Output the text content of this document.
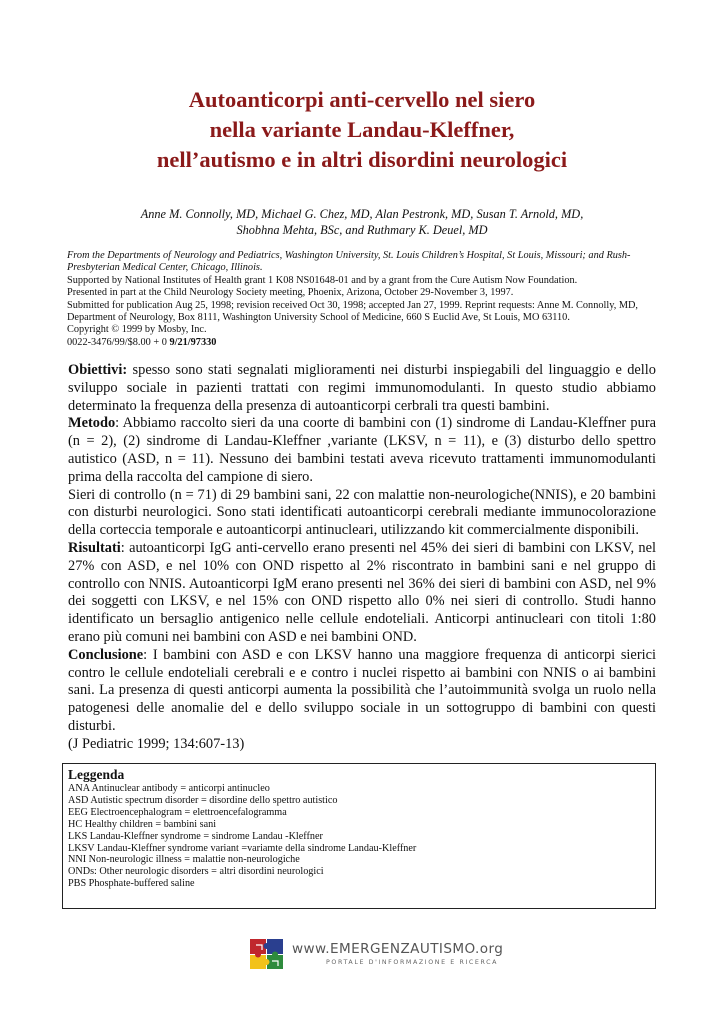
Autoanticorpi anti-cervello nel siero
nella variante Landau-Kleffner,
nell’autismo e in altri disordini neurologici
Anne M. Connolly, MD, Michael G. Chez, MD, Alan Pestronk, MD, Susan T. Arnold, MD,
Shobhna Mehta, BSc, and Ruthmary K. Deuel, MD
From the Departments of Neurology and Pediatrics, Washington University, St. Louis Children’s Hospital, St Louis, Missouri; and Rush-Presbyterian Medical Center, Chicago, Illinois.
Supported by National Institutes of Health grant 1 K08 NS01648-01 and by a grant from the Cure Autism Now Foundation.
Presented in part at the Child Neurology Society meeting, Phoenix, Arizona, October 29-November 3, 1997.
Submitted for publication Aug 25, 1998; revision received Oct 30, 1998; accepted Jan 27, 1999. Reprint requests: Anne M. Connolly, MD, Department of Neurology, Box 8111, Washington University School of Medicine, 660 S Euclid Ave, St Louis, MO 63110.
Copyright © 1999 by Mosby, Inc.
0022-3476/99/$8.00 + 0 9/21/97330

Obiettivi: spesso sono stati segnalati miglioramenti nei disturbi inspiegabili del linguaggio e dello sviluppo sociale in pazienti trattati con regimi immunomodulanti. In questo studio abbiamo determinato la frequenza della presenza di autoanticorpi cerbrali tra questi bambini.

Metodo: Abbiamo raccolto sieri da una coorte di bambini con (1) sindrome di Landau-Kleffner pura (n = 2), (2) sindrome di Landau-Kleffner ,variante (LKSV, n = 11), e (3) disturbo dello spettro autistico (ASD, n = 11). Nessuno dei bambini testati aveva ricevuto trattamenti immunomodulanti prima della raccolta del campione di siero.

Sieri di controllo (n = 71) di 29 bambini sani, 22 con malattie non-neurologiche(NNIS), e 20 bambini con disturbi neurologici. Sono stati identificati autoanticorpi cerebrali mediante immunocolorazione della corteccia temporale e autoanticorpi antinucleari, utilizzando kit commercialmente disponibili.

Risultati: autoanticorpi IgG anti-cervello erano presenti nel 45% dei sieri di bambini con LKSV, nel 27% con ASD, e nel 10% con OND rispetto al 2% riscontrato in bambini sani e nel gruppo di controllo con NNIS. Autoanticorpi IgM erano presenti nel 36% dei sieri di bambini con ASD, nel 9% dei soggetti con LKSV, e nel 15% con OND rispetto allo 0% nei sieri di controllo. Studi hanno identificato un bersaglio antigenico nelle cellule endoteliali. Anticorpi antinucleari con titoli 1:80 erano più comuni nei bambini con ASD e nei bambini OND.

Conclusione: I bambini con ASD e con LKSV hanno una maggiore frequenza di anticorpi sierici contro le cellule endoteliali cerebrali e e contro i nuclei rispetto ai bambini con NNIS o ai bambini sani. La presenza di questi anticorpi aumenta la possibilità che l’autoimmunità svolga un ruolo nella patogenesi delle anomalie del e dello sviluppo sociale in un sottogruppo di bambini con questi disturbi.

(J Pediatric 1999; 134:607-13)

Leggenda
ANA Antinuclear antibody = anticorpi antinucleo
ASD Autistic spectrum disorder = disordine dello spettro autistico
EEG Electroencephalogram = elettroencefalogramma
HC Healthy children = bambini sani
LKS Landau-Kleffner syndrome = sindrome Landau -Kleffner
LKSV Landau-Kleffner syndrome variant =variamte della sindrome Landau-Kleffner
NNI Non-neurologic illness = malattie non-neurologiche
ONDs: Other neurologic disorders = altri disordini neurologici
PBS Phosphate-buffered saline
www.EMERGENZAUTISMO.org
PORTALE D'INFORMAZIONE E RICERCA
